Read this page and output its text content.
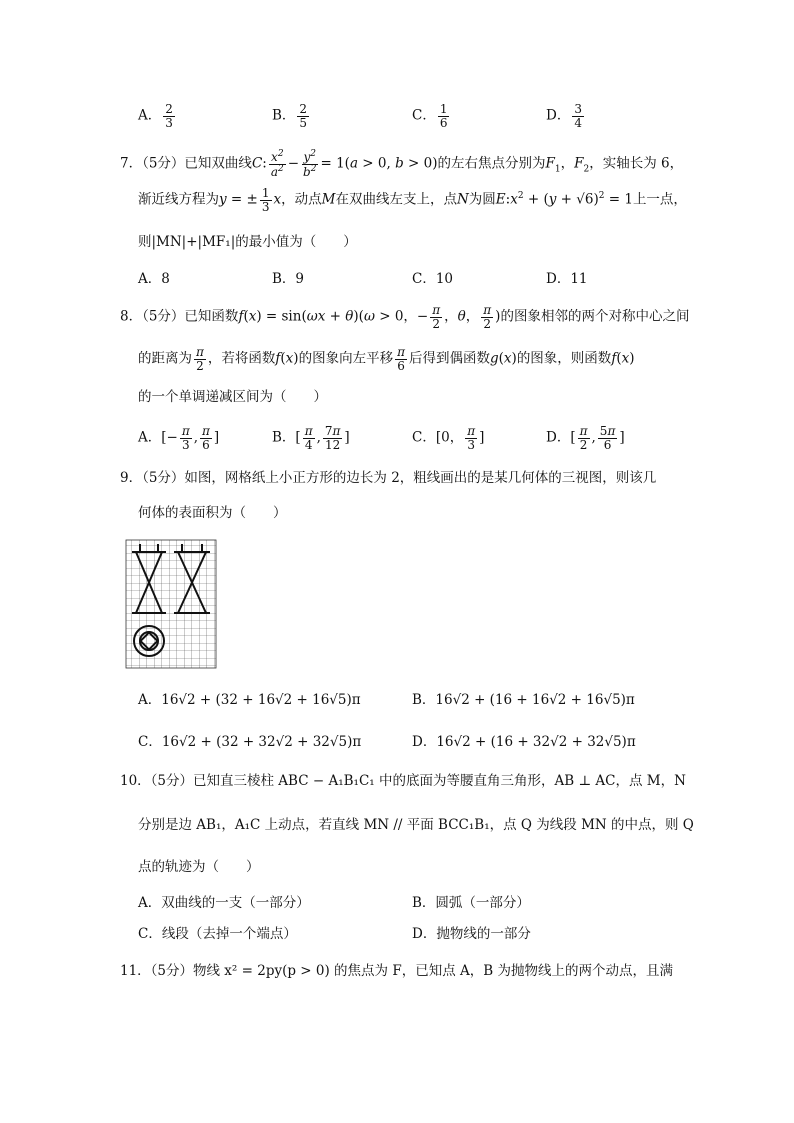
A． $\frac{2}{3}$	B． $\frac{2}{5}$	C． $\frac{1}{6}$	D． $\frac{3}{4}$
7．（5分）已知双曲线C: $\frac{x^2}{a^2} - \frac{y^2}{b^2} = 1(a > 0$, b > 0)的左右焦点分别为$F_1$，$F_2$，实轴长为 6，
渐近线方程为y = ± $\frac{1}{3}$ x，动点M在双曲线左支上，点N为圆$E:x^2 + (y + √6)^2 = 1$上一点，
则|MN|+|MF₁|的最小值为（　　）
A．8	B．9	C．10	D．11
8．（5分）已知函数f(x) = sin(ωx + θ)(ω > 0，− $\frac{\pi}{2}$ ，θ， $\frac{\pi}{2}$ )的图象相邻的两个对称中心之间
的距离为 $\frac{\pi}{2}$ ，若将函数f(x)的图象向左平移 $\frac{\pi}{6}$ 后得到偶函数g(x)的图象，则函数f(x)
的一个单调递减区间为（　　）
A．[− $\frac{\pi}{3}$ , $\frac{\pi}{6}$ ]	B．[ $\frac{\pi}{4}$ , $\frac{7\pi}{12}$ ]	C．[0， $\frac{\pi}{3}$ ]	D．[ $\frac{\pi}{2}$ , $\frac{5\pi}{6}$ ]
9．（5分）如图，网格纸上小正方形的边长为 2，粗线画出的是某几何体的三视图，则该几
何体的表面积为（　　）
A．16√2 + (32 + 16√2 + 16√5)π	B．16√2 + (16 + 16√2 + 16√5)π
C．16√2 + (32 + 32√2 + 32√5)π	D．16√2 + (16 + 32√2 + 32√5)π
10．（5分）已知直三棱柱 ABC − A₁B₁C₁ 中的底面为等腰直角三角形，AB ⊥ AC，点 M，N
分别是边 AB₁，A₁C 上动点，若直线 MN // 平面 BCC₁B₁，点 Q 为线段 MN 的中点，则 Q
点的轨迹为（　　）
A．双曲线的一支（一部分）	B．圆弧（一部分）
C．线段（去掉一个端点）	D．抛物线的一部分
11．（5分）物线 x² = 2py(p > 0) 的焦点为 F，已知点 A，B 为抛物线上的两个动点，且满
